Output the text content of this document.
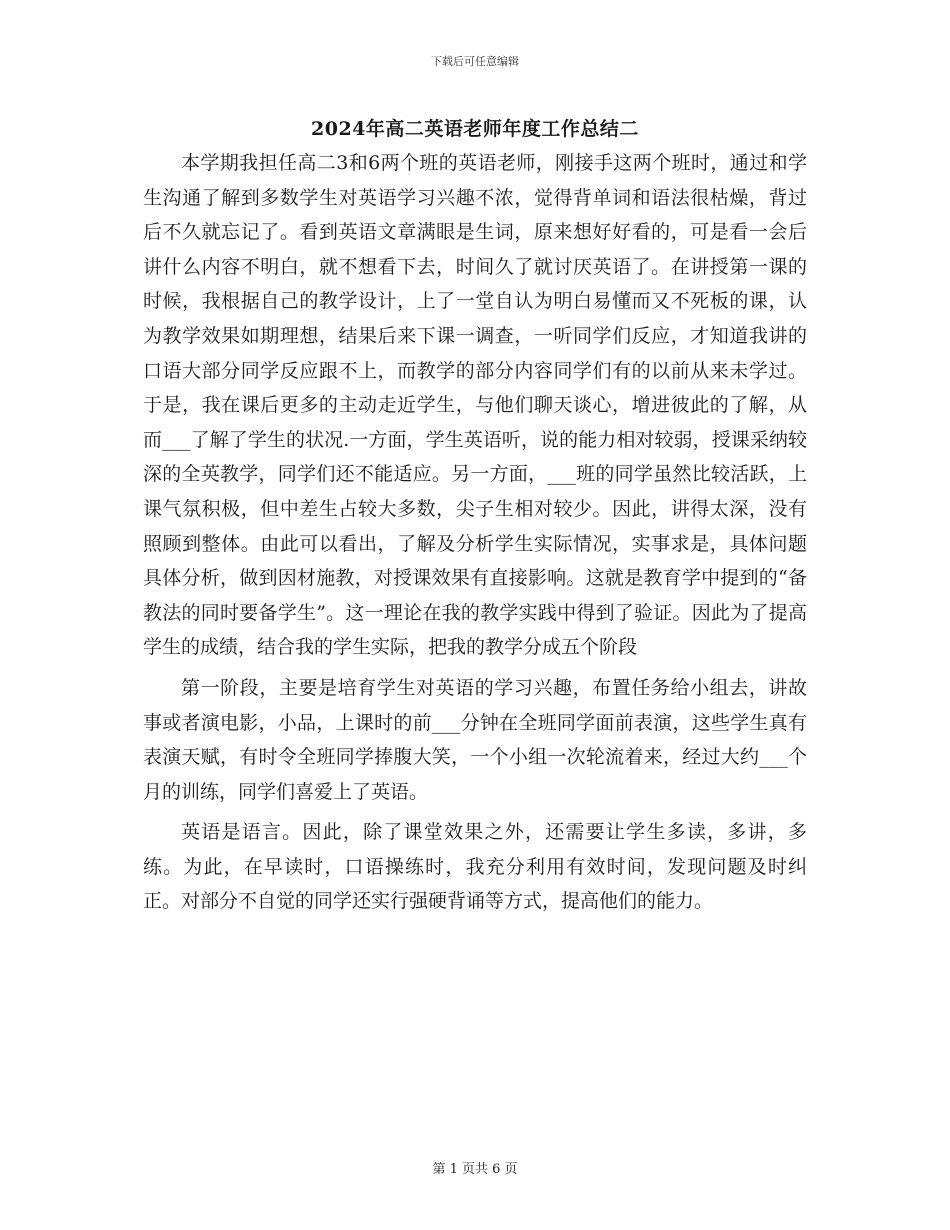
下载后可任意编辑
2024年高二英语老师年度工作总结二

本学期我担任高二3和6两个班的英语老师，刚接手这两个班时，通过和学生沟通了解到多数学生对英语学习兴趣不浓，觉得背单词和语法很枯燥，背过后不久就忘记了。看到英语文章满眼是生词，原来想好好看的，可是看一会后讲什么内容不明白，就不想看下去，时间久了就讨厌英语了。在讲授第一课的时候，我根据自己的教学设计，上了一堂自认为明白易懂而又不死板的课，认为教学效果如期理想，结果后来下课一调查，一听同学们反应，才知道我讲的口语大部分同学反应跟不上，而教学的部分内容同学们有的以前从来未学过。于是，我在课后更多的主动走近学生，与他们聊天谈心，增进彼此的了解，从而___了解了学生的状况.一方面，学生英语听，说的能力相对较弱，授课采纳较深的全英教学，同学们还不能适应。另一方面，___班的同学虽然比较活跃，上课气氛积极，但中差生占较大多数，尖子生相对较少。因此，讲得太深，没有照顾到整体。由此可以看出，了解及分析学生实际情况，实事求是，具体问题具体分析，做到因材施教，对授课效果有直接影响。这就是教育学中提到的“备教法的同时要备学生”。这一理论在我的教学实践中得到了验证。因此为了提高学生的成绩，结合我的学生实际，把我的教学分成五个阶段

第一阶段，主要是培育学生对英语的学习兴趣，布置任务给小组去，讲故事或者演电影，小品，上课时的前___分钟在全班同学面前表演，这些学生真有表演天赋，有时令全班同学捧腹大笑，一个小组一次轮流着来，经过大约___个月的训练，同学们喜爱上了英语。

英语是语言。因此，除了课堂效果之外，还需要让学生多读，多讲，多练。为此，在早读时，口语操练时，我充分利用有效时间，发现问题及时纠正。对部分不自觉的同学还实行强硬背诵等方式，提高他们的能力。

第 1 页共 6 页
